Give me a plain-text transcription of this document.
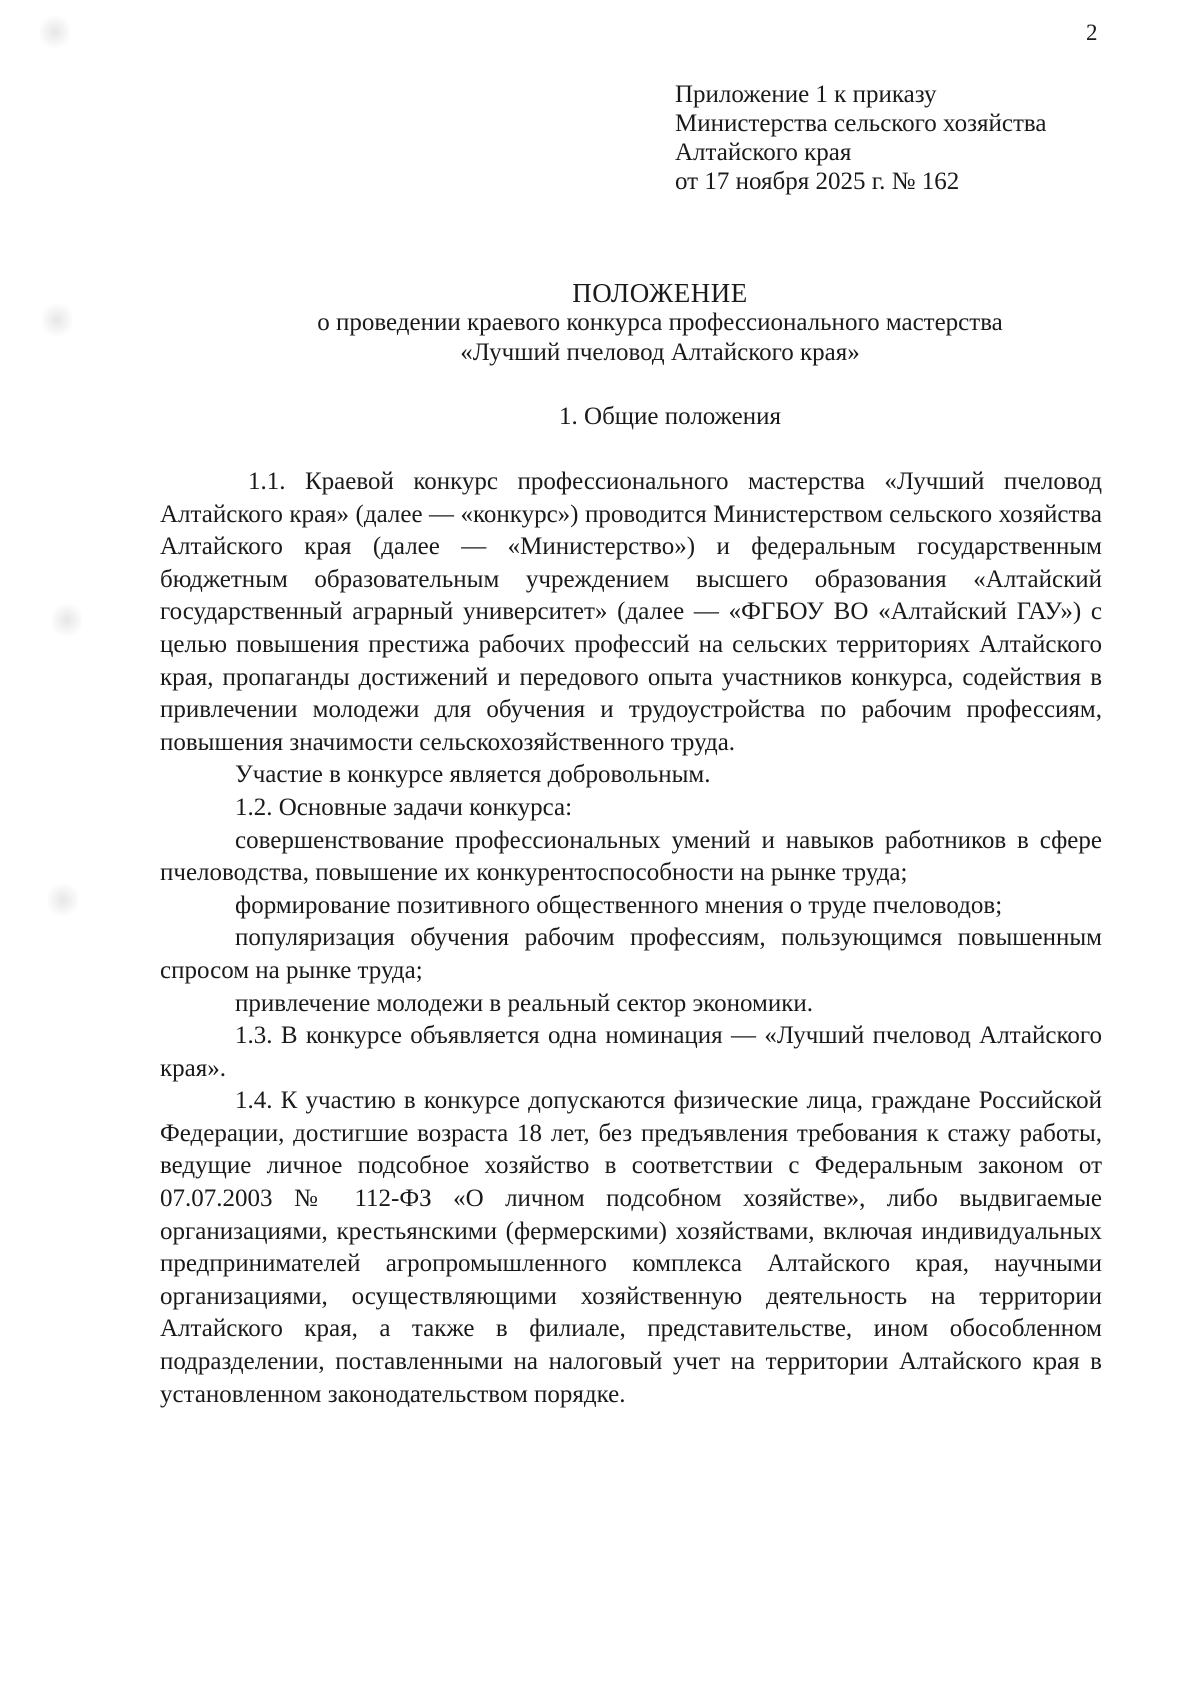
2
Приложение 1 к приказу
Министерства сельского хозяйства
Алтайского края
от 17 ноября 2025 г. № 162
ПОЛОЖЕНИЕ
о проведении краевого конкурса профессионального мастерства
«Лучший пчеловод Алтайского края»
1. Общие положения

1.1. Краевой конкурс профессионального мастерства «Лучший пчеловод Алтайского края» (далее — «конкурс») проводится Министерством сельского хозяйства Алтайского края (далее — «Министерство») и федеральным государственным бюджетным образовательным учреждением высшего образования «Алтайский государственный аграрный университет» (далее — «ФГБОУ ВО «Алтайский ГАУ») с целью повышения престижа рабочих профессий на сельских территориях Алтайского края, пропаганды достижений и передового опыта участников конкурса, содействия в привлечении молодежи для обучения и трудоустройства по рабочим профессиям, повышения значимости сельскохозяйственного труда.

Участие в конкурсе является добровольным.

1.2. Основные задачи конкурса:

совершенствование профессиональных умений и навыков работников в сфере пчеловодства, повышение их конкурентоспособности на рынке труда;

формирование позитивного общественного мнения о труде пчеловодов;

популяризация обучения рабочим профессиям, пользующимся повышенным спросом на рынке труда;

привлечение молодежи в реальный сектор экономики.

1.3. В конкурсе объявляется одна номинация — «Лучший пчеловод Алтайского края».

1.4. К участию в конкурсе допускаются физические лица, граждане Российской Федерации, достигшие возраста 18 лет, без предъявления требования к стажу работы, ведущие личное подсобное хозяйство в соответствии с Федеральным законом от 07.07.2003 № 112-ФЗ «О личном подсобном хозяйстве», либо выдвигаемые организациями, крестьянскими (фермерскими) хозяйствами, включая индивидуальных предпринимателей агропромышленного комплекса Алтайского края, научными организациями, осуществляющими хозяйственную деятельность на территории Алтайского края, а также в филиале, представительстве, ином обособленном подразделении, поставленными на налоговый учет на территории Алтайского края в установленном законодательством порядке.
